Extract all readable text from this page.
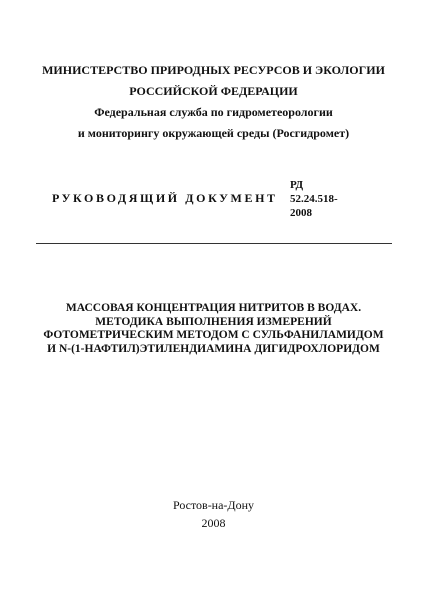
МИНИСТЕРСТВО ПРИРОДНЫХ РЕСУРСОВ И ЭКОЛОГИИ
РОССИЙСКОЙ ФЕДЕРАЦИИ
Федеральная служба по гидрометеорологии
и мониторингу окружающей среды (Росгидромет)
РУКОВОДЯЩИЙ ДОКУМЕНТ
РД
52.24.518-
2008
МАССОВАЯ КОНЦЕНТРАЦИЯ НИТРИТОВ В ВОДАХ.
МЕТОДИКА ВЫПОЛНЕНИЯ ИЗМЕРЕНИЙ
ФОТОМЕТРИЧЕСКИМ МЕТОДОМ С СУЛЬФАНИЛАМИДОМ
И N-(1-НАФТИЛ)ЭТИЛЕНДИАМИНА ДИГИДРОХЛОРИДОМ
Ростов-на-Дону
2008
